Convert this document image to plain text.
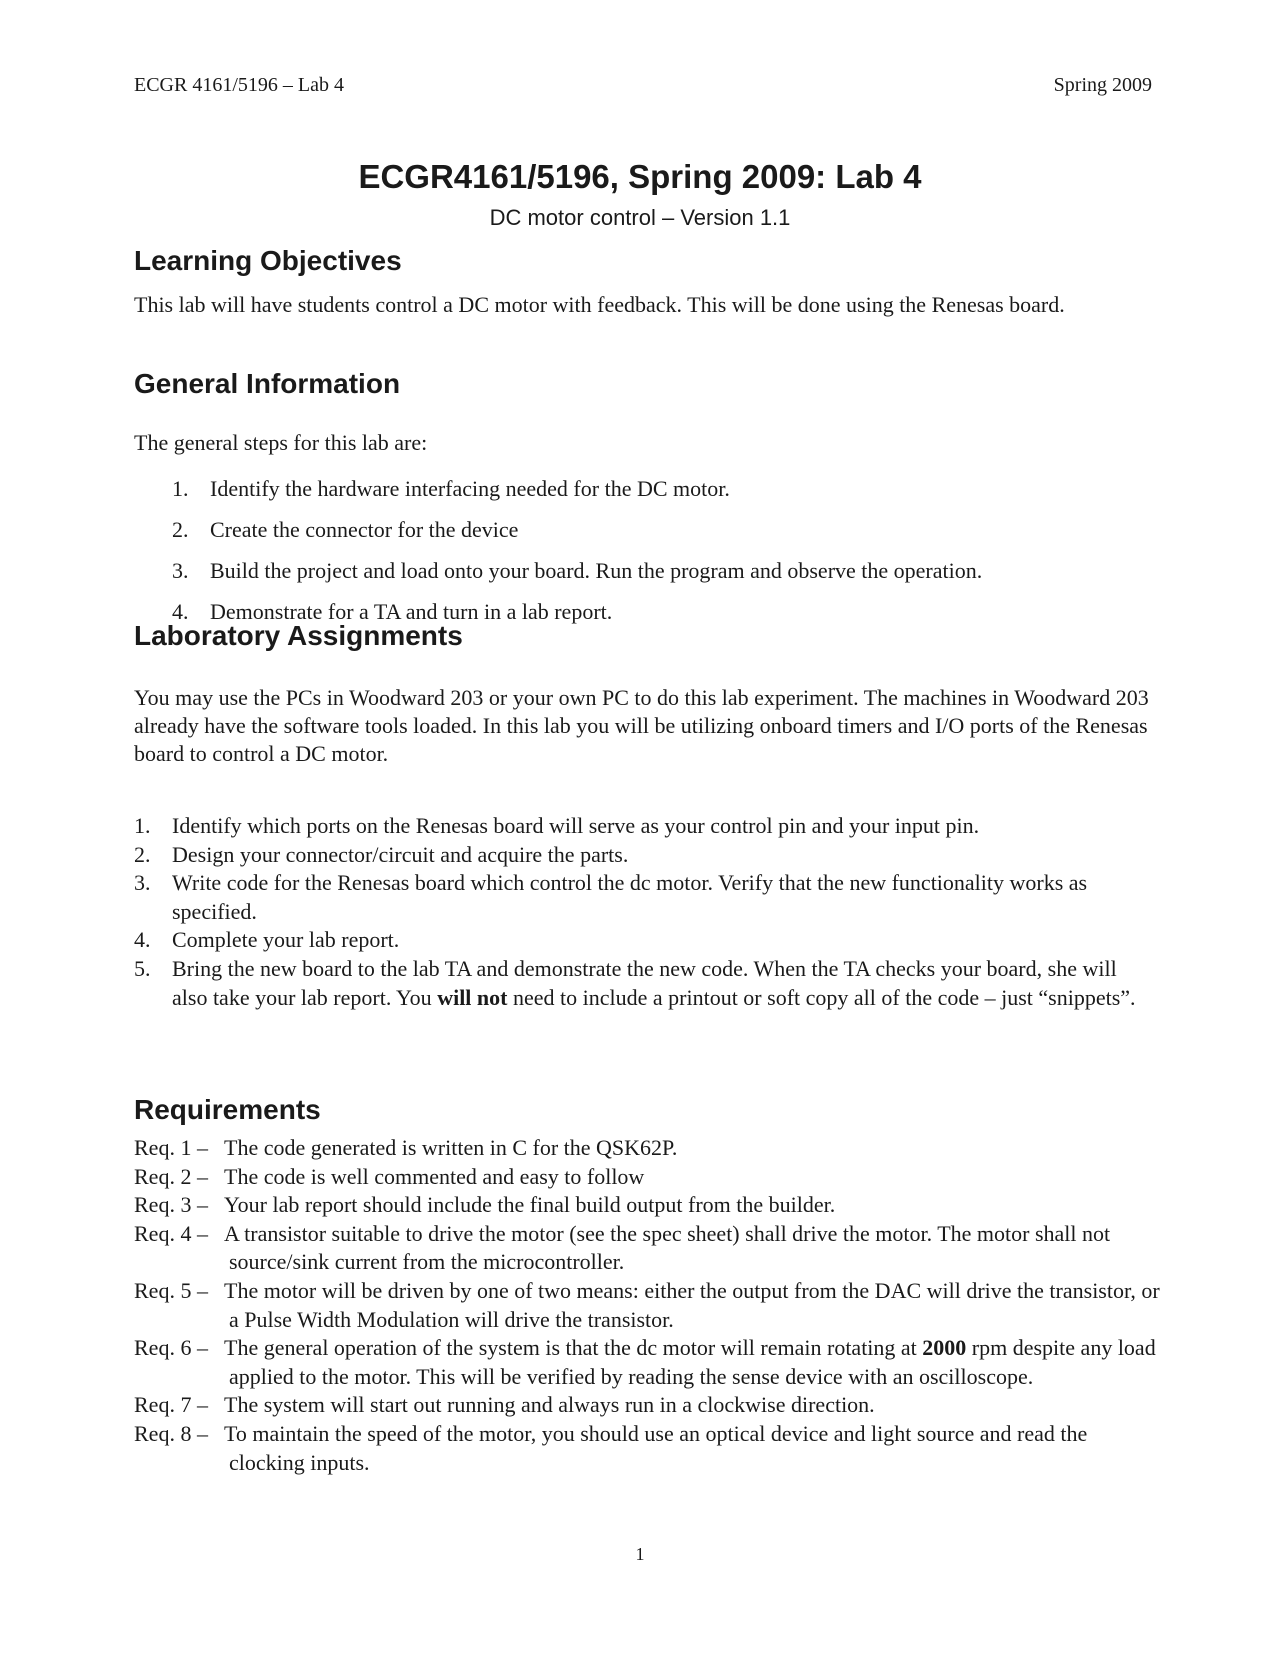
ECGR 4161/5196 – Lab 4	Spring 2009
ECGR4161/5196, Spring 2009: Lab 4
DC motor control – Version 1.1
Learning Objectives

This lab will have students control a DC motor with feedback. This will be done using the Renesas board.

General Information

The general steps for this lab are:

1. Identify the hardware interfacing needed for the DC motor.
2. Create the connector for the device
3. Build the project and load onto your board. Run the program and observe the operation.
4. Demonstrate for a TA and turn in a lab report.
Laboratory Assignments

You may use the PCs in Woodward 203 or your own PC to do this lab experiment. The machines in Woodward 203 already have the software tools loaded. In this lab you will be utilizing onboard timers and I/O ports of the Renesas board to control a DC motor.

1. Identify which ports on the Renesas board will serve as your control pin and your input pin.
2. Design your connector/circuit and acquire the parts.
3. Write code for the Renesas board which control the dc motor. Verify that the new functionality works as specified.
4. Complete your lab report.
5. Bring the new board to the lab TA and demonstrate the new code. When the TA checks your board, she will also take your lab report. You will not need to include a printout or soft copy all of the code – just “snippets”.
Requirements
Req. 1 – The code generated is written in C for the QSK62P.
Req. 2 – The code is well commented and easy to follow
Req. 3 – Your lab report should include the final build output from the builder.
Req. 4 – A transistor suitable to drive the motor (see the spec sheet) shall drive the motor. The motor shall not source/sink current from the microcontroller.
Req. 5 – The motor will be driven by one of two means: either the output from the DAC will drive the transistor, or a Pulse Width Modulation will drive the transistor.
Req. 6 – The general operation of the system is that the dc motor will remain rotating at 2000 rpm despite any load applied to the motor. This will be verified by reading the sense device with an oscilloscope.
Req. 7 – The system will start out running and always run in a clockwise direction.
Req. 8 – To maintain the speed of the motor, you should use an optical device and light source and read the clocking inputs.
1
